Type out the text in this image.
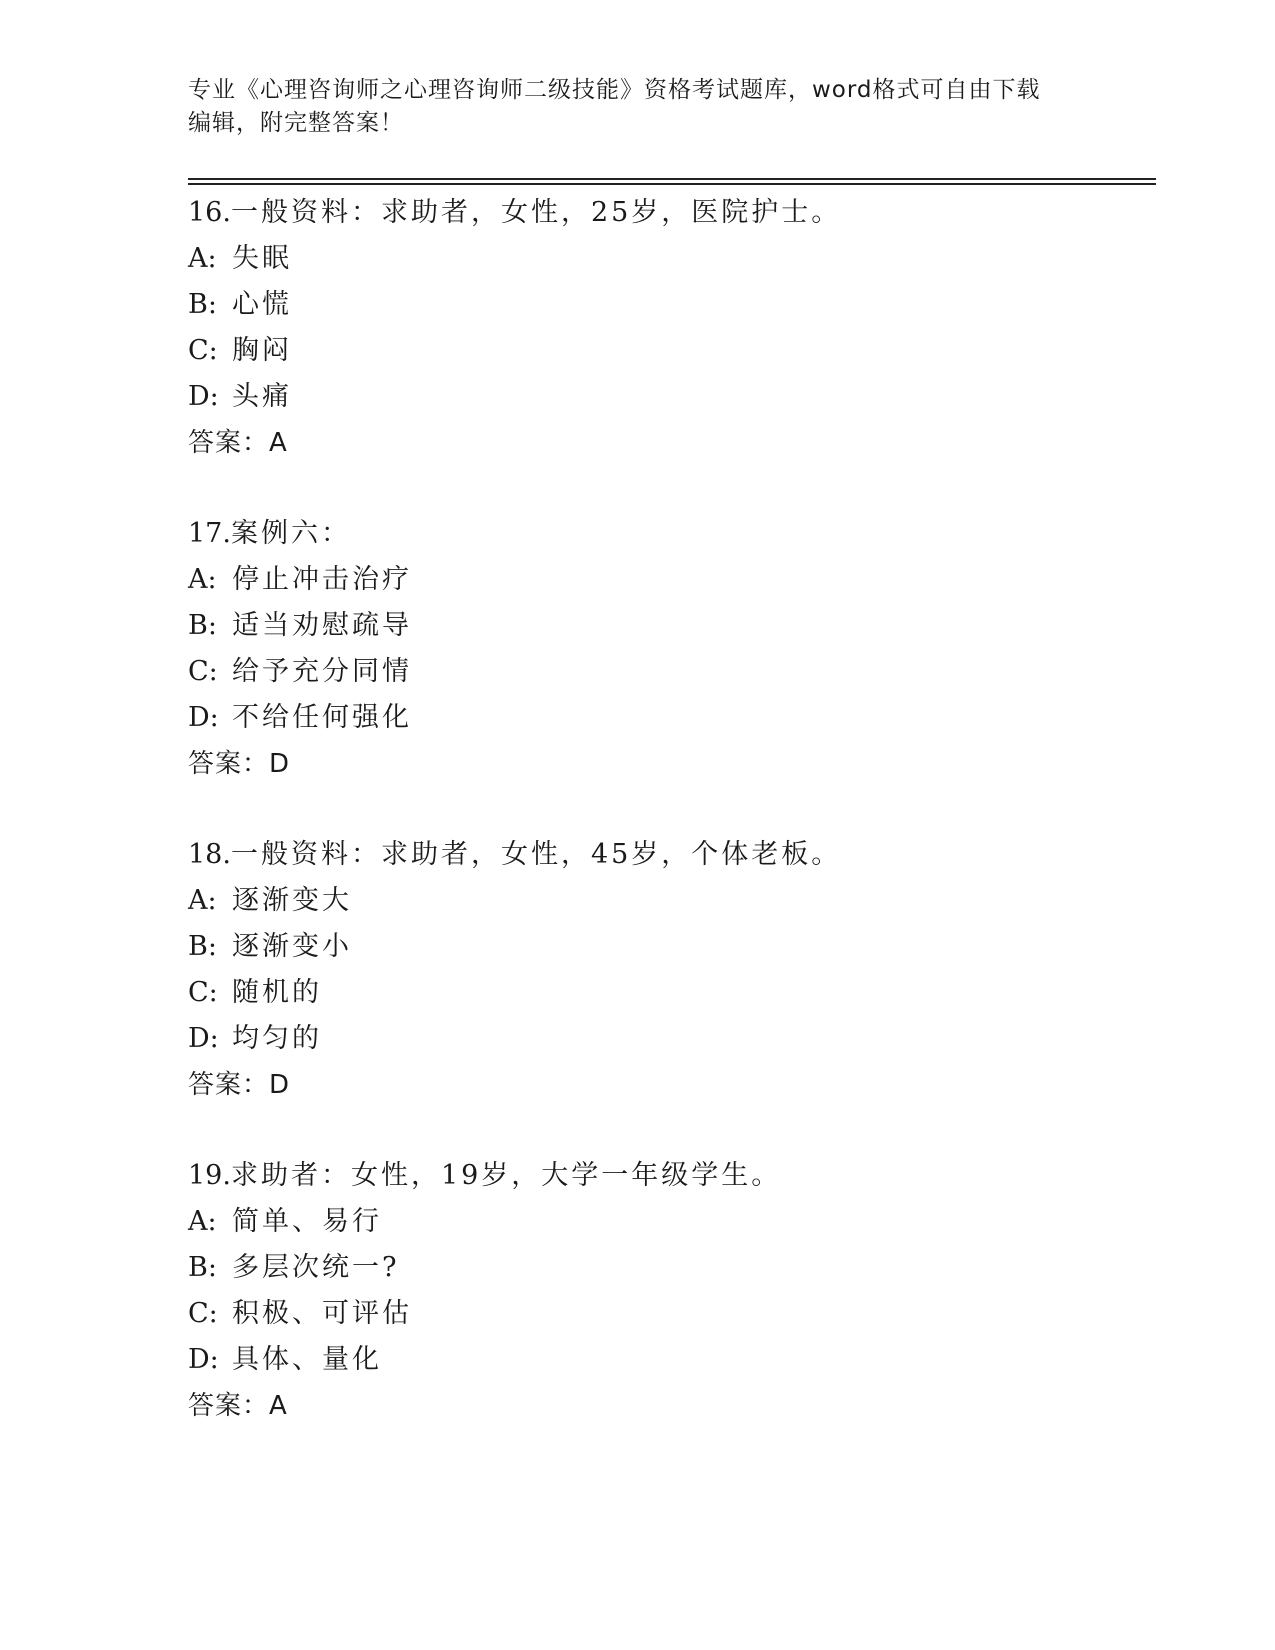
专业《心理咨询师之心理咨询师二级技能》资格考试题库，word格式可自由下载
编辑，附完整答案！
16.一般资料：求助者，女性，25岁，医院护士。
A: 失眠
B: 心慌
C: 胸闷
D: 头痛
答案：A
17.案例六：
A: 停止冲击治疗
B: 适当劝慰疏导
C: 给予充分同情
D: 不给任何强化
答案：D
18.一般资料：求助者，女性，45岁，个体老板。
A: 逐渐变大
B: 逐渐变小
C: 随机的
D: 均匀的
答案：D
19.求助者：女性，19岁，大学一年级学生。
A: 简单、易行
B: 多层次统一?
C: 积极、可评估
D: 具体、量化
答案：A
